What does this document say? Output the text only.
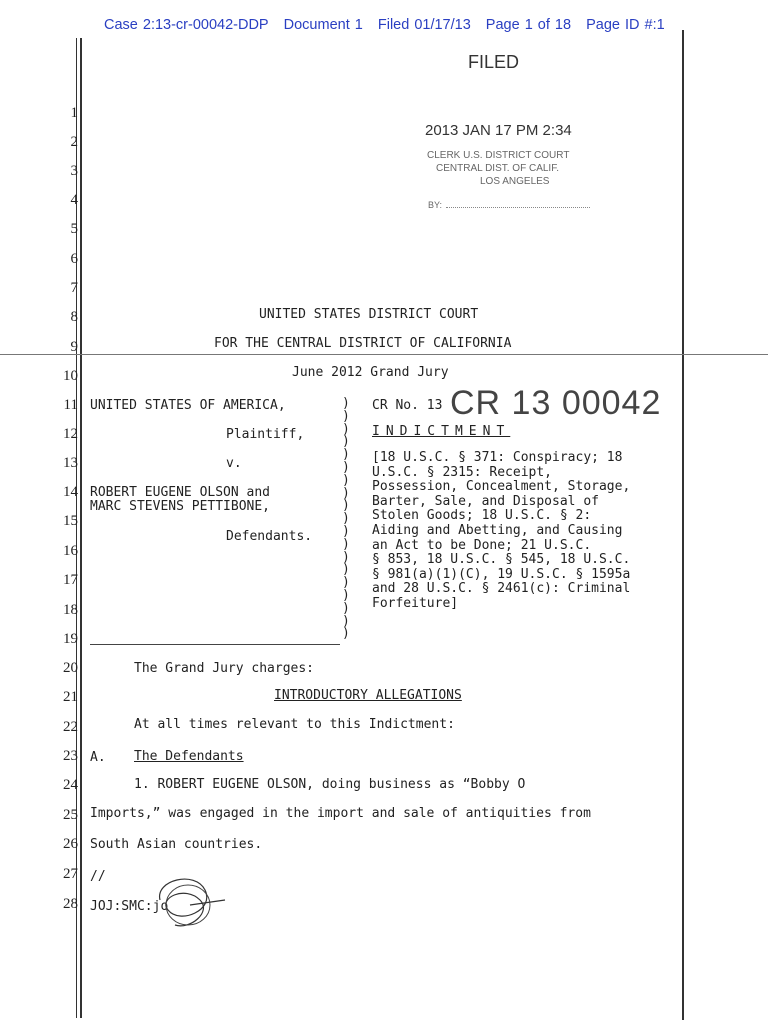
Case 2:13-cr-00042-DDP Document 1 Filed 01/17/13 Page 1 of 18 Page ID #:1
FILED
2013 JAN 17 PM 2:34
CLERK U.S. DISTRICT COURT
CENTRAL DIST. OF CALIF.
LOS ANGELES
BY:
1
2
3
4
5
6
7
8
9
10
11
12
13
14
15
16
17
18
19
20
21
22
23
24
25
26
27
28
UNITED STATES DISTRICT COURT
FOR THE CENTRAL DISTRICT OF CALIFORNIA
June 2012 Grand Jury
UNITED STATES OF AMERICA,
Plaintiff,
v.
ROBERT EUGENE OLSON and
MARC STEVENS PETTIBONE,
Defendants.
)
)
)
)
)
)
)
)
)
)
)
)
)
)
)
)
)
)
)
CR No. 13 CR 13 00042
INDICTMENT
[18 U.S.C. § 371: Conspiracy; 18
U.S.C. § 2315: Receipt,
Possession, Concealment, Storage,
Barter, Sale, and Disposal of
Stolen Goods; 18 U.S.C. § 2:
Aiding and Abetting, and Causing
an Act to be Done; 21 U.S.C.
§ 853, 18 U.S.C. § 545, 18 U.S.C.
§ 981(a)(1)(C), 19 U.S.C. § 1595a
and 28 U.S.C. § 2461(c): Criminal
Forfeiture]
The Grand Jury charges:
INTRODUCTORY ALLEGATIONS
At all times relevant to this Indictment:
A. The Defendants
1. ROBERT EUGENE OLSON, doing business as “Bobby O
Imports,” was engaged in the import and sale of antiquities from
South Asian countries.
//
JOJ:SMC:jo
